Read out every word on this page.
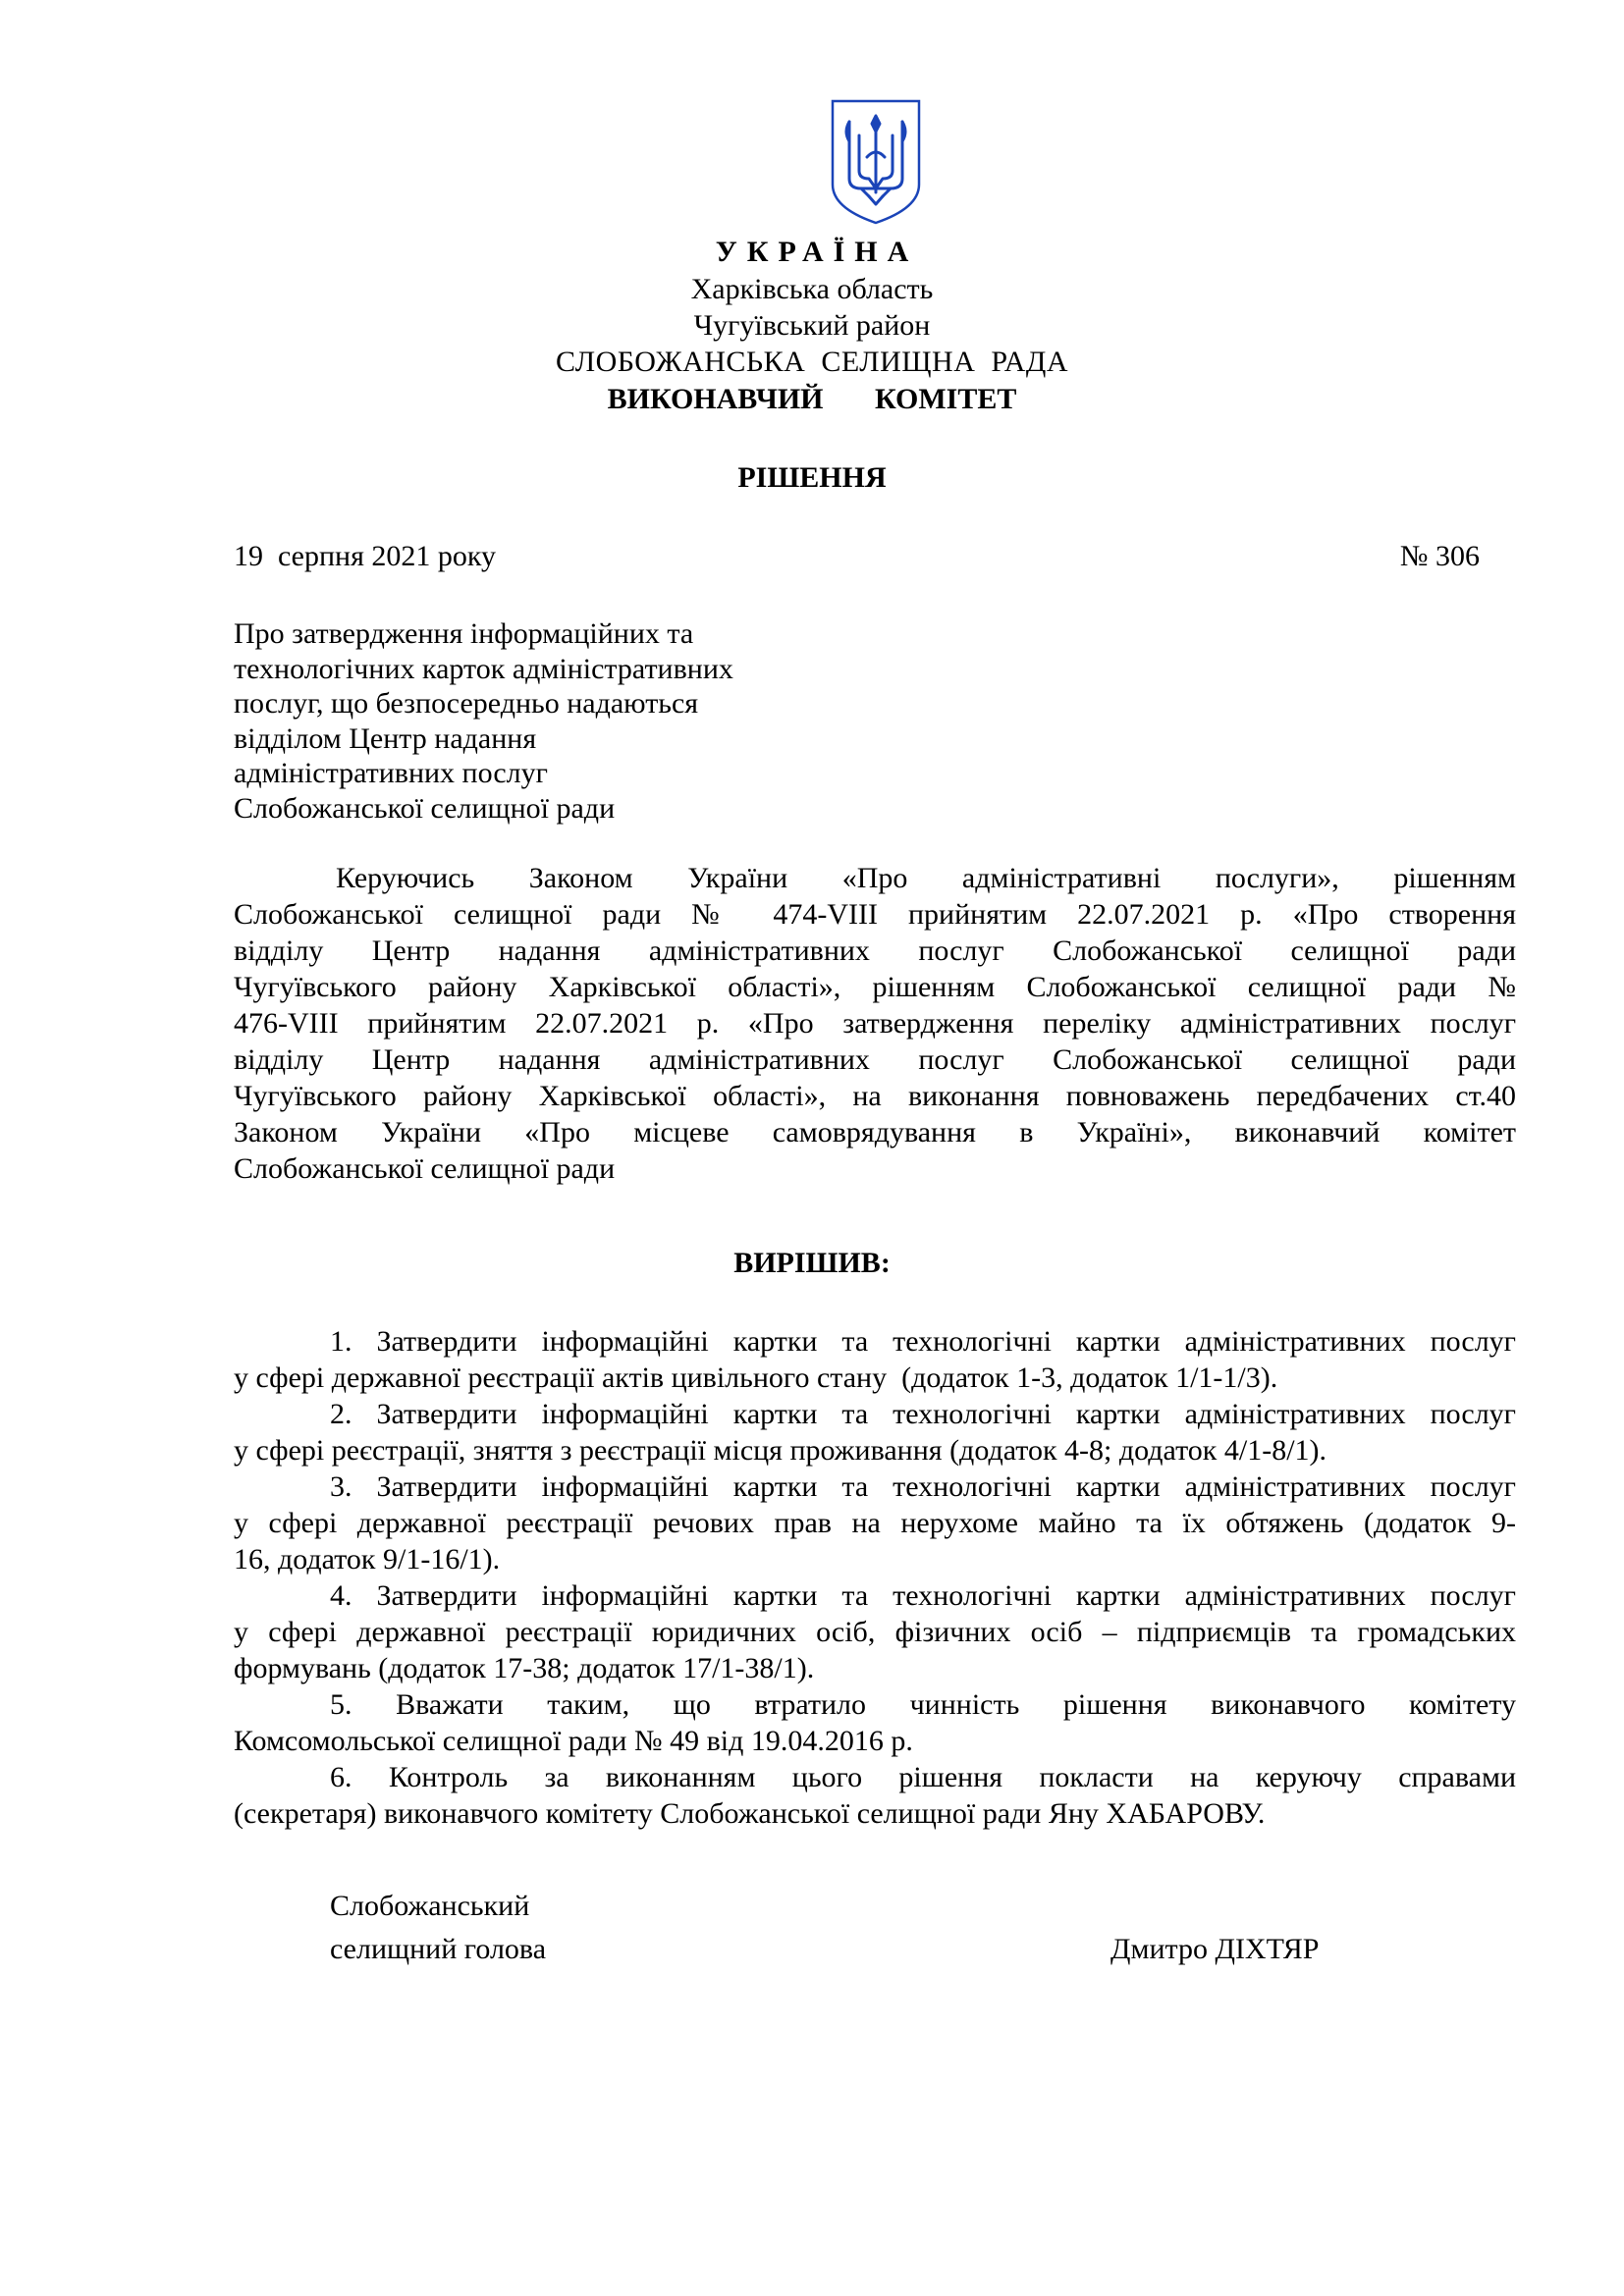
УКРАЇНА
Харківська область
Чугуївський район
СЛОБОЖАНСЬКА  СЕЛИЩНА  РАДА
ВИКОНАВЧИЙ   КОМІТЕТ
РІШЕННЯ
19  серпня 2021 року	№ 306
Про затвердження інформаційних та
технологічних карток адміністративних
послуг, що безпосередньо надаються
відділом Центр надання
адміністративних послуг
Слобожанської селищної ради
Керуючись Законом України «Про адміністративні послуги», рішенням
Слобожанської селищної ради № 474-VIII прийнятим 22.07.2021 р. «Про створення
відділу Центр надання адміністративних послуг Слобожанської селищної ради
Чугуївського району Харківської області», рішенням Слобожанської селищної ради №
476-VIII прийнятим 22.07.2021 р. «Про затвердження переліку адміністративних послуг
відділу Центр надання адміністративних послуг Слобожанської селищної ради
Чугуївського району Харківської області», на виконання повноважень передбачених ст.40
Законом України «Про місцеве самоврядування в Україні», виконавчий комітет
Слобожанської селищної ради
ВИРІШИВ:
1. Затвердити інформаційні картки та технологічні картки адміністративних послуг
у сфері державної реєстрації актів цивільного стану  (додаток 1-3, додаток 1/1-1/3).
2. Затвердити інформаційні картки та технологічні картки адміністративних послуг
у сфері реєстрації, зняття з реєстрації місця проживання (додаток 4-8; додаток 4/1-8/1).
3. Затвердити інформаційні картки та технологічні картки адміністративних послуг
у сфері державної реєстрації речових прав на нерухоме майно та їх обтяжень (додаток 9-
16, додаток 9/1-16/1).
4. Затвердити інформаційні картки та технологічні картки адміністративних послуг
у сфері державної реєстрації юридичних осіб, фізичних осіб – підприємців та громадських
формувань (додаток 17-38; додаток 17/1-38/1).
5. Вважати таким, що втратило чинність рішення виконавчого комітету
Комсомольської селищної ради № 49 від 19.04.2016 р.
6. Контроль за виконанням цього рішення покласти на керуючу справами
(секретаря) виконавчого комітету Слобожанської селищної ради Яну ХАБАРОВУ.
Слобожанський
селищний голова	Дмитро ДІХТЯР
